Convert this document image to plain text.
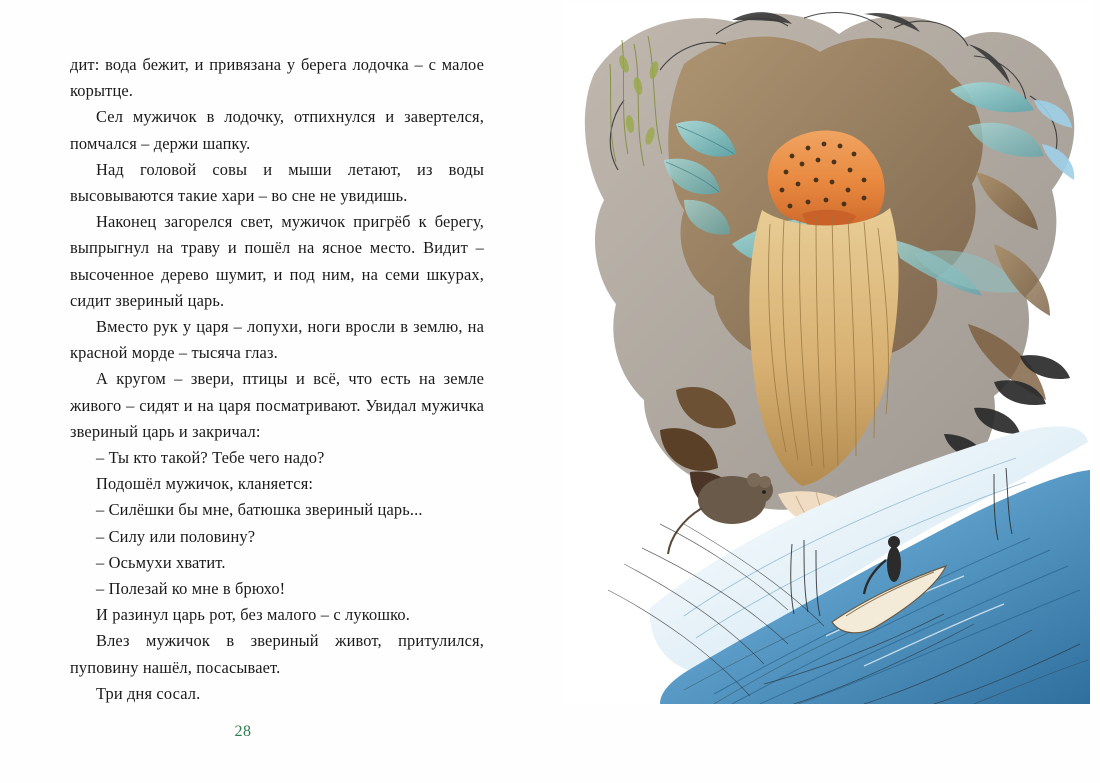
дит: вода бежит, и привязана у берега лодочка – с малое корытце.

Сел мужичок в лодочку, отпихнулся и завертелся, помчался – держи шапку.

Над головой совы и мыши летают, из воды высовываются такие хари – во сне не увидишь.

Наконец загорелся свет, мужичок пригрёб к берегу, выпрыгнул на траву и пошёл на ясное место. Видит – высоченное дерево шумит, и под ним, на семи шкурах, сидит звериный царь.

Вместо рук у царя – лопухи, ноги вросли в землю, на красной морде – тысяча глаз.

А кругом – звери, птицы и всё, что есть на земле живого – сидят и на царя посматривают. Увидал мужичка звериный царь и закричал:

– Ты кто такой? Тебе чего надо?

Подошёл мужичок, кланяется:

– Силёшки бы мне, батюшка звериный царь...

– Силу или половину?

– Осьмухи хватит.

– Полезай ко мне в брюхо!

И разинул царь рот, без малого – с лукошко.

Влез мужичок в звериный живот, притулился, пуповину нашёл, посасывает.

Три дня сосал.

28
